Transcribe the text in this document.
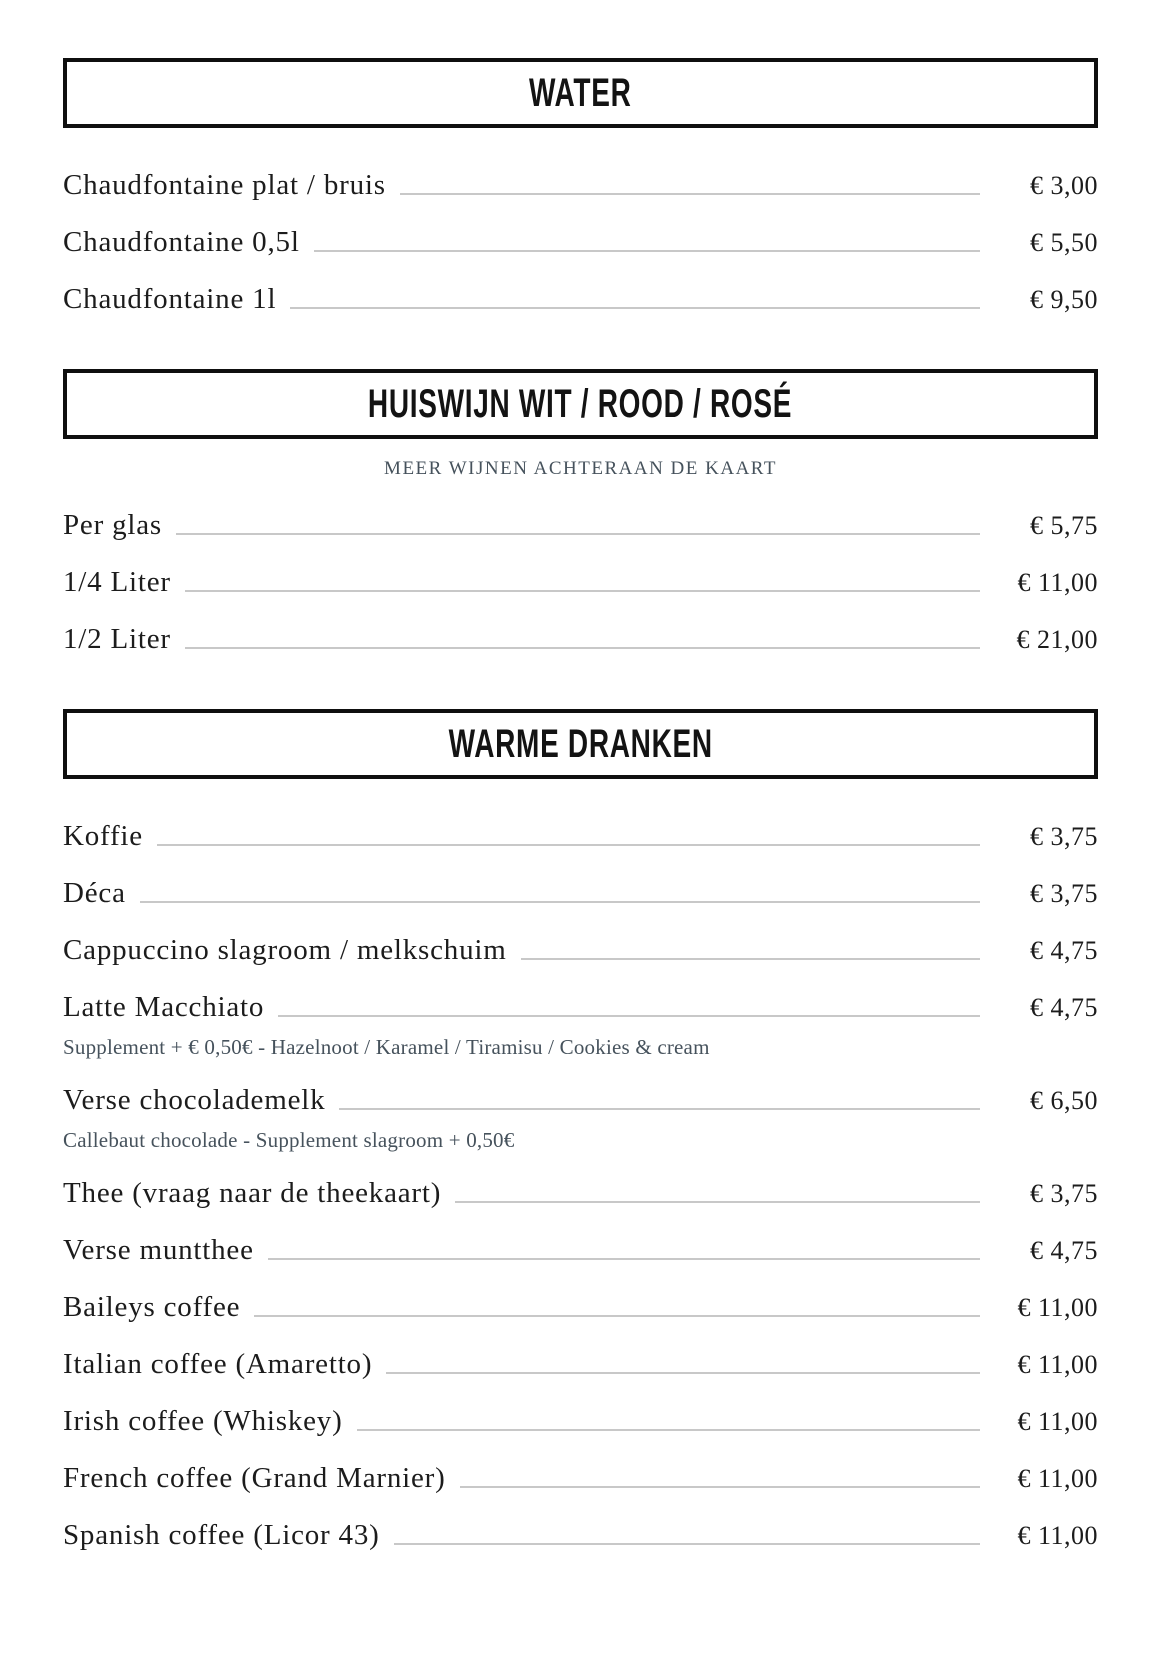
WATER
Chaudfontaine plat / bruis	€ 3,00
Chaudfontaine 0,5l	€ 5,50
Chaudfontaine 1l	€ 9,50
HUISWIJN WIT / ROOD / ROSÉ
MEER WIJNEN ACHTERAAN DE KAART
Per glas	€ 5,75
1/4 Liter	€ 11,00
1/2 Liter	€ 21,00
WARME DRANKEN
Koffie	€ 3,75
Déca	€ 3,75
Cappuccino slagroom / melkschuim	€ 4,75
Latte Macchiato	€ 4,75
Supplement + € 0,50€ - Hazelnoot / Karamel / Tiramisu / Cookies & cream
Verse chocolademelk	€ 6,50
Callebaut chocolade - Supplement slagroom + 0,50€
Thee (vraag naar de theekaart)	€ 3,75
Verse muntthee	€ 4,75
Baileys coffee	€ 11,00
Italian coffee (Amaretto)	€ 11,00
Irish coffee (Whiskey)	€ 11,00
French coffee (Grand Marnier)	€ 11,00
Spanish coffee (Licor 43)	€ 11,00
